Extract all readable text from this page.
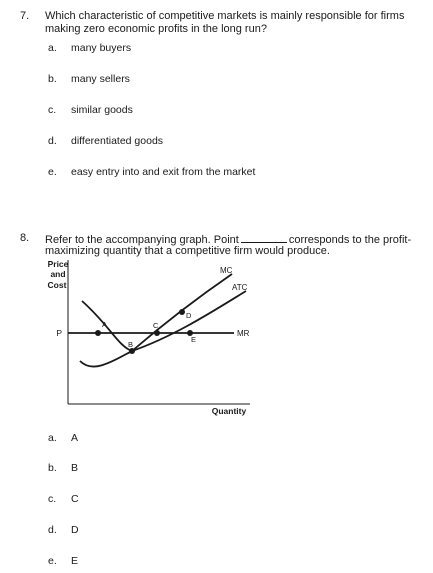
7. Which characteristic of competitive markets is mainly responsible for firms
making zero economic profits in the long run?
a. many buyers
b. many sellers
c. similar goods
d. differentiated goods
e. easy entry into and exit from the market
8. Refer to the accompanying graph. Point	corresponds to the profit-
maximizing quantity that a competitive firm would produce.
Price
and
Cost
Quantity
P	MR
ATC
MC
A
B
C
D
E
a. A
b. B
c. C
d. D
e. E
